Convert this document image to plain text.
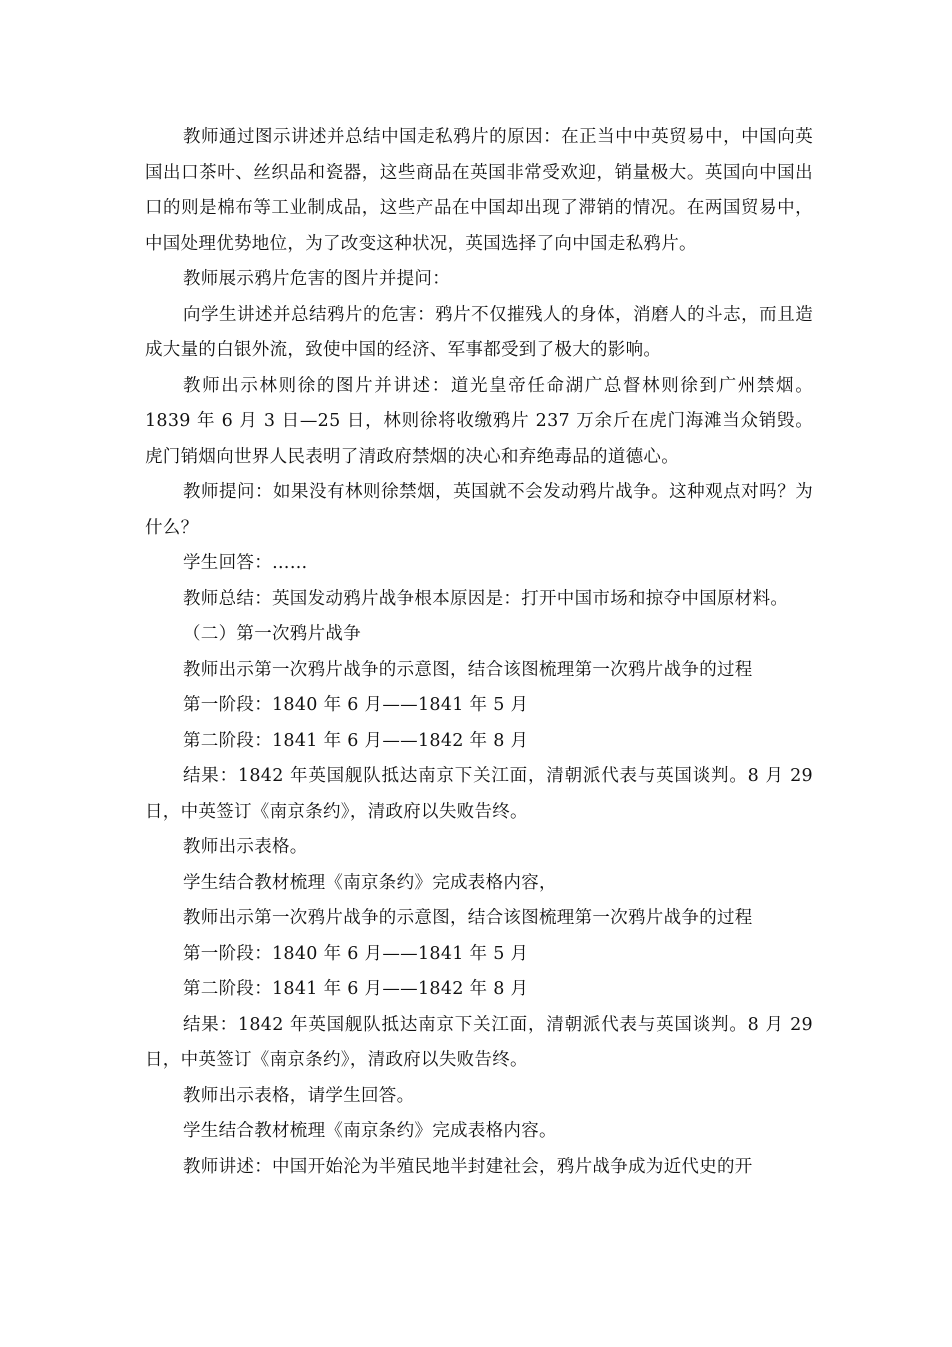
教师通过图示讲述并总结中国走私鸦片的原因：在正当中中英贸易中，中国向英国出口茶叶、丝织品和瓷器，这些商品在英国非常受欢迎，销量极大。英国向中国出口的则是棉布等工业制成品，这些产品在中国却出现了滞销的情况。在两国贸易中，中国处理优势地位，为了改变这种状况，英国选择了向中国走私鸦片。

教师展示鸦片危害的图片并提问：

向学生讲述并总结鸦片的危害：鸦片不仅摧残人的身体，消磨人的斗志，而且造成大量的白银外流，致使中国的经济、军事都受到了极大的影响。

教师出示林则徐的图片并讲述：道光皇帝任命湖广总督林则徐到广州禁烟。1839 年 6 月 3 日—25 日，林则徐将收缴鸦片 237 万余斤在虎门海滩当众销毁。虎门销烟向世界人民表明了清政府禁烟的决心和弃绝毒品的道德心。

教师提问：如果没有林则徐禁烟，英国就不会发动鸦片战争。这种观点对吗？为什么？

学生回答：……

教师总结：英国发动鸦片战争根本原因是：打开中国市场和掠夺中国原材料。

（二）第一次鸦片战争

教师出示第一次鸦片战争的示意图，结合该图梳理第一次鸦片战争的过程

第一阶段：1840 年 6 月——1841 年 5 月

第二阶段：1841 年 6 月——1842 年 8 月

结果：1842 年英国舰队抵达南京下关江面，清朝派代表与英国谈判。8 月 29 日，中英签订《南京条约》，清政府以失败告终。

教师出示表格。

学生结合教材梳理《南京条约》完成表格内容，

教师出示第一次鸦片战争的示意图，结合该图梳理第一次鸦片战争的过程

第一阶段：1840 年 6 月——1841 年 5 月

第二阶段：1841 年 6 月——1842 年 8 月

结果：1842 年英国舰队抵达南京下关江面，清朝派代表与英国谈判。8 月 29 日，中英签订《南京条约》，清政府以失败告终。

教师出示表格，请学生回答。

学生结合教材梳理《南京条约》完成表格内容。

教师讲述：中国开始沦为半殖民地半封建社会，鸦片战争成为近代史的开
